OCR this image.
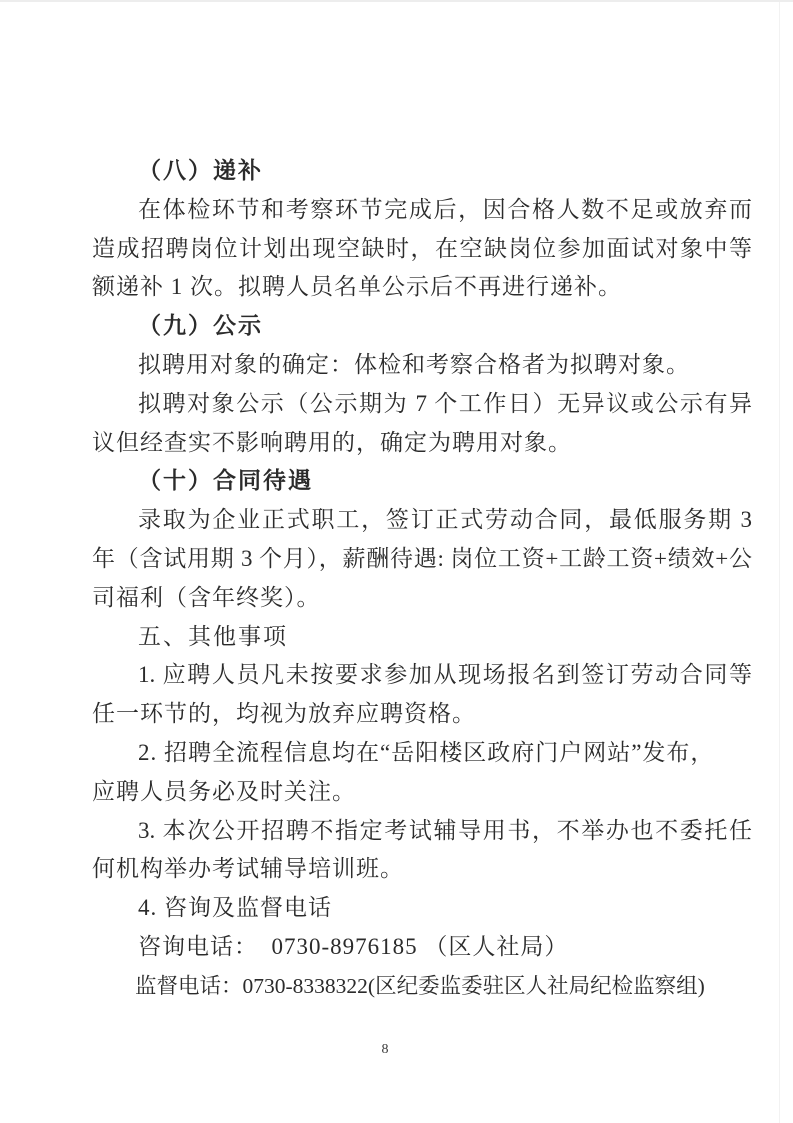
（八）递补
在体检环节和考察环节完成后，因合格人数不足或放弃而
造成招聘岗位计划出现空缺时，在空缺岗位参加面试对象中等
额递补 1 次。拟聘人员名单公示后不再进行递补。
（九）公示
拟聘用对象的确定：体检和考察合格者为拟聘对象。
拟聘对象公示（公示期为 7 个工作日）无异议或公示有异
议但经查实不影响聘用的，确定为聘用对象。
（十）合同待遇
录取为企业正式职工，签订正式劳动合同，最低服务期 3
年（含试用期 3 个月），薪酬待遇: 岗位工资+工龄工资+绩效+公
司福利（含年终奖）。
五、其他事项
1. 应聘人员凡未按要求参加从现场报名到签订劳动合同等
任一环节的，均视为放弃应聘资格。
2. 招聘全流程信息均在“岳阳楼区政府门户网站”发布，
应聘人员务必及时关注。
3. 本次公开招聘不指定考试辅导用书，不举办也不委托任
何机构举办考试辅导培训班。
4. 咨询及监督电话
咨询电话：  0730-8976185 （区人社局）
监督电话：0730-8338322(区纪委监委驻区人社局纪检监察组)
8
